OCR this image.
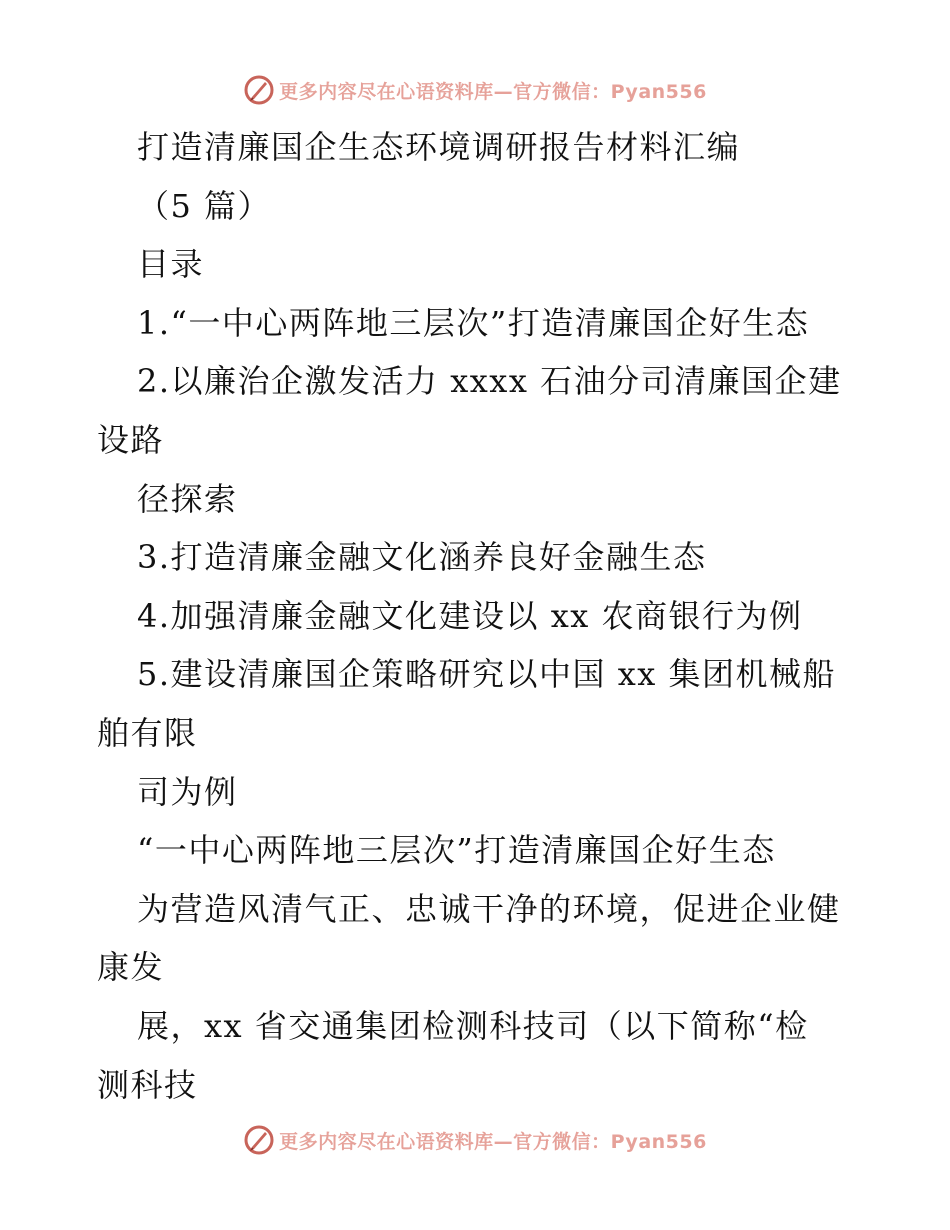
更多内容尽在心语资料库—官方微信：Pyan556
打造清廉国企生态环境调研报告材料汇编
（5 篇）
目录
1.“一中心两阵地三层次”打造清廉国企好生态
2.以廉治企激发活力 xxxx 石油分司清廉国企建
设路
径探索
3.打造清廉金融文化涵养良好金融生态
4.加强清廉金融文化建设以 xx 农商银行为例
5.建设清廉国企策略研究以中国 xx 集团机械船
舶有限
司为例
“一中心两阵地三层次”打造清廉国企好生态
为营造风清气正、忠诚干净的环境，促进企业健
康发
展，xx 省交通集团检测科技司（以下简称“检
测科技
更多内容尽在心语资料库—官方微信：Pyan556
